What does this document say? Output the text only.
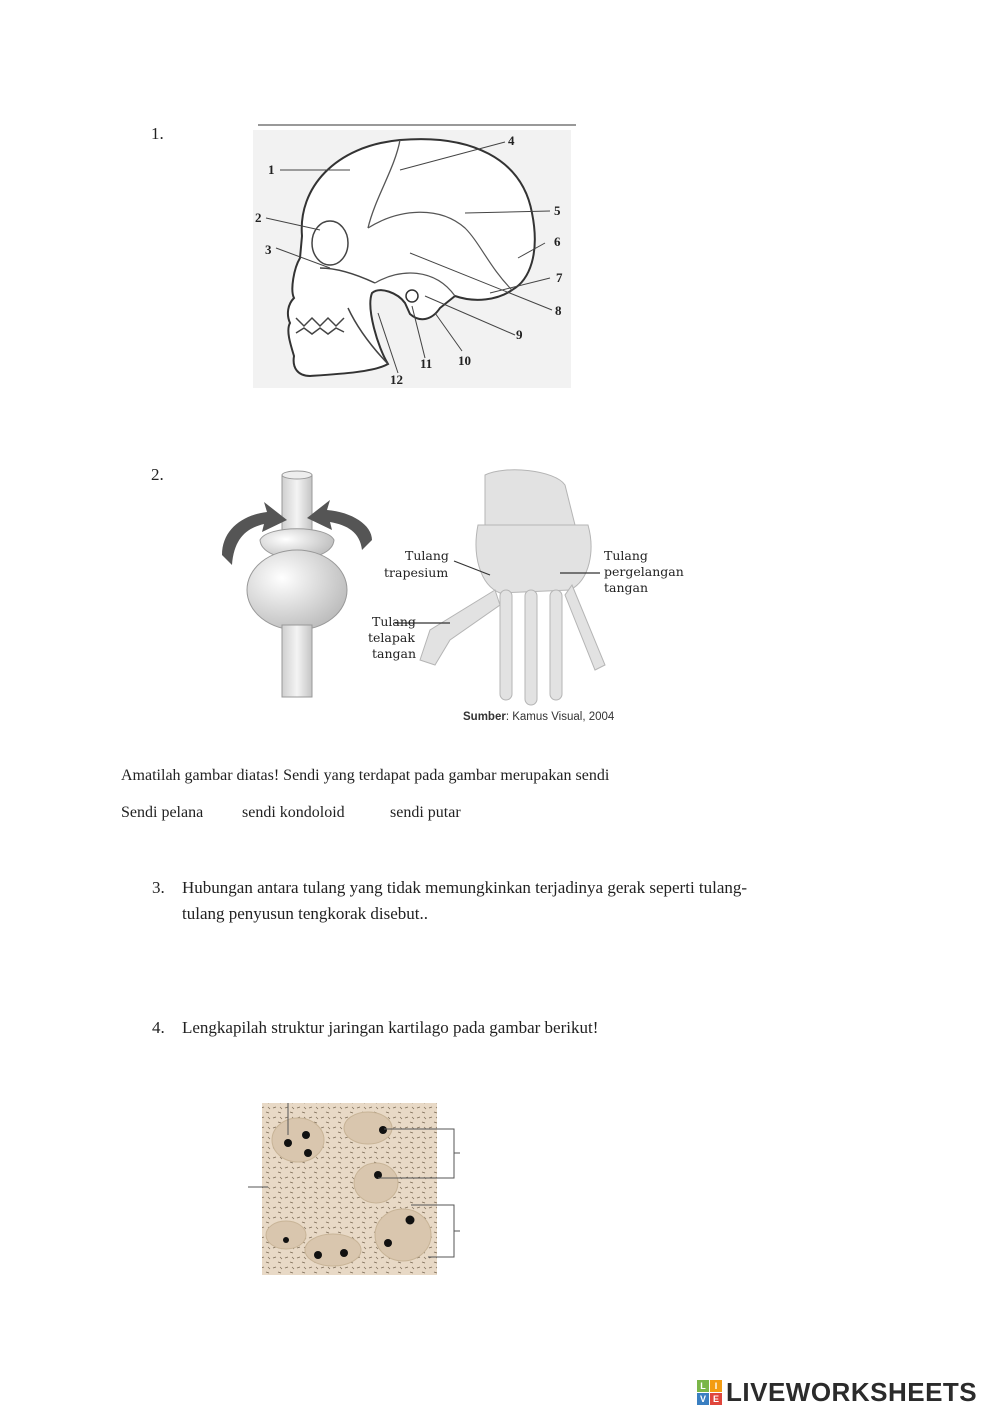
1.
1
2
3
4
5
6
7
8
9
10
11
12
2.
Tulang
trapesium
Tulang
pergelangan
tangan
Tulang
telapak
tangan
Sumber: Kamus Visual, 2004
Amatilah gambar diatas! Sendi yang terdapat pada gambar merupakan sendi
Sendi pelana sendi kondoloid	sendi putar
3. Hubungan antara tulang yang tidak memungkinkan terjadinya gerak seperti tulang-
tulang penyusun tengkorak disebut..
4. Lengkapilah struktur jaringan kartilago pada gambar berikut!
L I
V E LIVEWORKSHEETS
